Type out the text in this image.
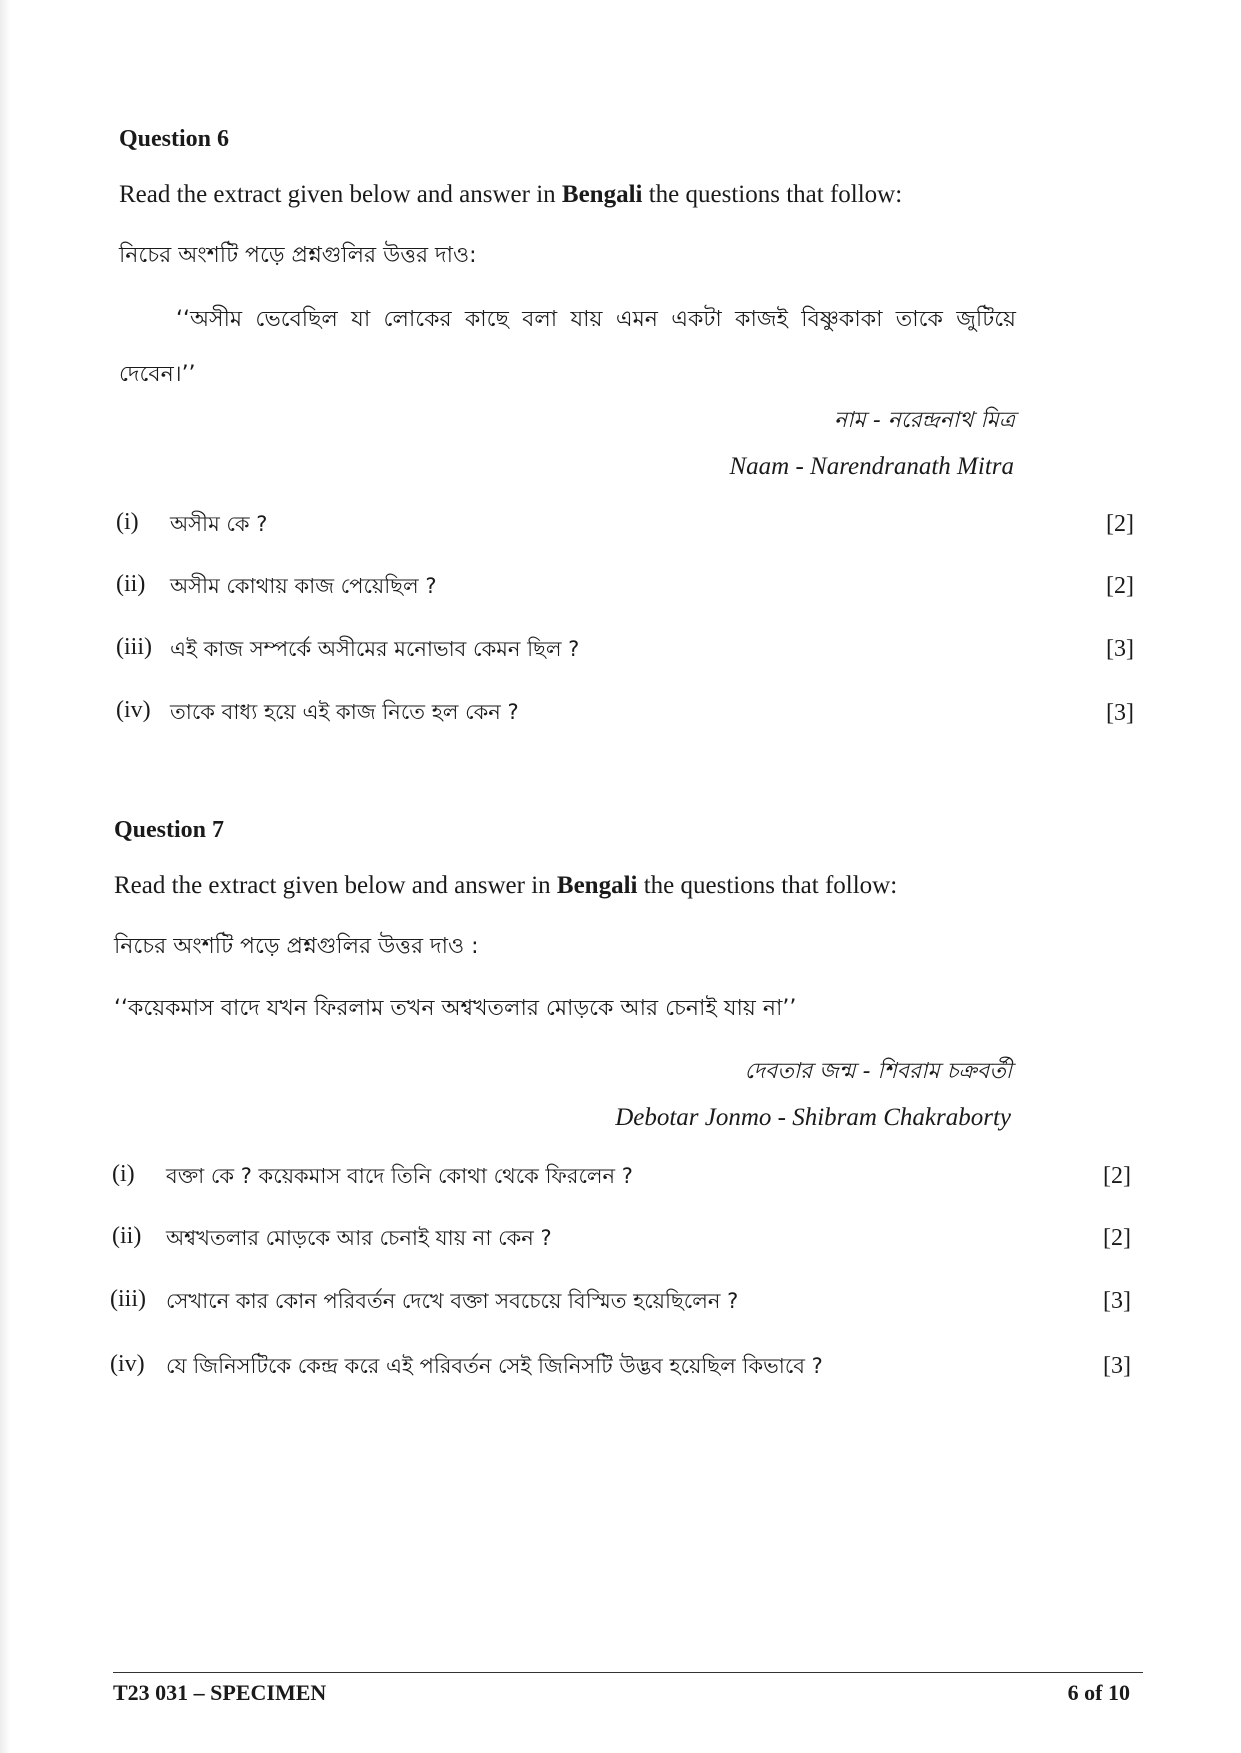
Question 6
Read the extract given below and answer in Bengali the questions that follow:
নিচের অংশটি পড়ে প্রশ্নগুলির উত্তর দাও:
‘‘অসীম ভেবেছিল যা লোকের কাছে বলা যায় এমন একটা কাজই বিষ্ণুকাকা তাকে জুটিয়ে
দেবেন।’’
নাম - নরেন্দ্রনাথ মিত্র
Naam - Narendranath Mitra
(i) অসীম কে ?	[2]
(ii) অসীম কোথায় কাজ পেয়েছিল ?	[2]
(iii) এই কাজ সম্পর্কে অসীমের মনোভাব কেমন ছিল ?	[3]
(iv) তাকে বাধ্য হয়ে এই কাজ নিতে হল কেন ?	[3]
Question 7
Read the extract given below and answer in Bengali the questions that follow:
নিচের অংশটি পড়ে প্রশ্নগুলির উত্তর দাও :
‘‘কয়েকমাস বাদে যখন ফিরলাম তখন অশ্বখতলার মোড়কে আর চেনাই যায় না’’
দেবতার জন্ম - শিবরাম চক্রবর্তী
Debotar Jonmo - Shibram Chakraborty
(i) বক্তা কে ? কয়েকমাস বাদে তিনি কোথা থেকে ফিরলেন ?	[2]
(ii) অশ্বখতলার মোড়কে আর চেনাই যায় না কেন ?	[2]
(iii) সেখানে কার কোন পরিবর্তন দেখে বক্তা সবচেয়ে বিস্মিত হয়েছিলেন ?	[3]
(iv) যে জিনিসটিকে কেন্দ্র করে এই পরিবর্তন সেই জিনিসটি উদ্ভব হয়েছিল কিভাবে ?	[3]
T23 031 – SPECIMEN	6 of 10
